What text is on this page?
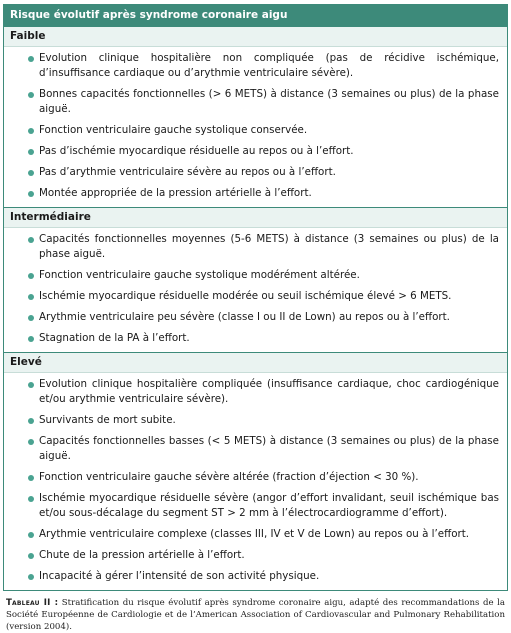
Risque évolutif après syndrome coronaire aigu
Faible
Evolution clinique hospitalière non compliquée (pas de récidive ischémique, d’insuffisance cardiaque ou d’arythmie ventriculaire sévère).
Bonnes capacités fonctionnelles (> 6 METS) à distance (3 semaines ou plus) de la phase aiguë.
Fonction ventriculaire gauche systolique conservée.
Pas d’ischémie myocardique résiduelle au repos ou à l’effort.
Pas d’arythmie ventriculaire sévère au repos ou à l’effort.
Montée appropriée de la pression artérielle à l’effort.
Intermédiaire
Capacités fonctionnelles moyennes (5-6 METS) à distance (3 semaines ou plus) de la phase aiguë.
Fonction ventriculaire gauche systolique modérément altérée.
Ischémie myocardique résiduelle modérée ou seuil ischémique élevé > 6 METS.
Arythmie ventriculaire peu sévère (classe I ou II de Lown) au repos ou à l’effort.
Stagnation de la PA à l’effort.
Elevé
Evolution clinique hospitalière compliquée (insuffisance cardiaque, choc cardiogénique et/ou arythmie ventriculaire sévère).
Survivants de mort subite.
Capacités fonctionnelles basses (< 5 METS) à distance (3 semaines ou plus) de la phase aiguë.
Fonction ventriculaire gauche sévère altérée (fraction d’éjection < 30 %).
Ischémie myocardique résiduelle sévère (angor d’effort invalidant, seuil ischémique bas et/ou sous-décalage du segment ST > 2 mm à l’électrocardiogramme d’effort).
Arythmie ventriculaire complexe (classes III, IV et V de Lown) au repos ou à l’effort.
Chute de la pression artérielle à l’effort.
Incapacité à gérer l’intensité de son activité physique.
Tableau II : Stratification du risque évolutif après syndrome coronaire aigu, adapté des recommandations de la Société Européenne de Cardiologie et de l’American Association of Cardiovascular and Pulmonary Rehabilitation (version 2004).
